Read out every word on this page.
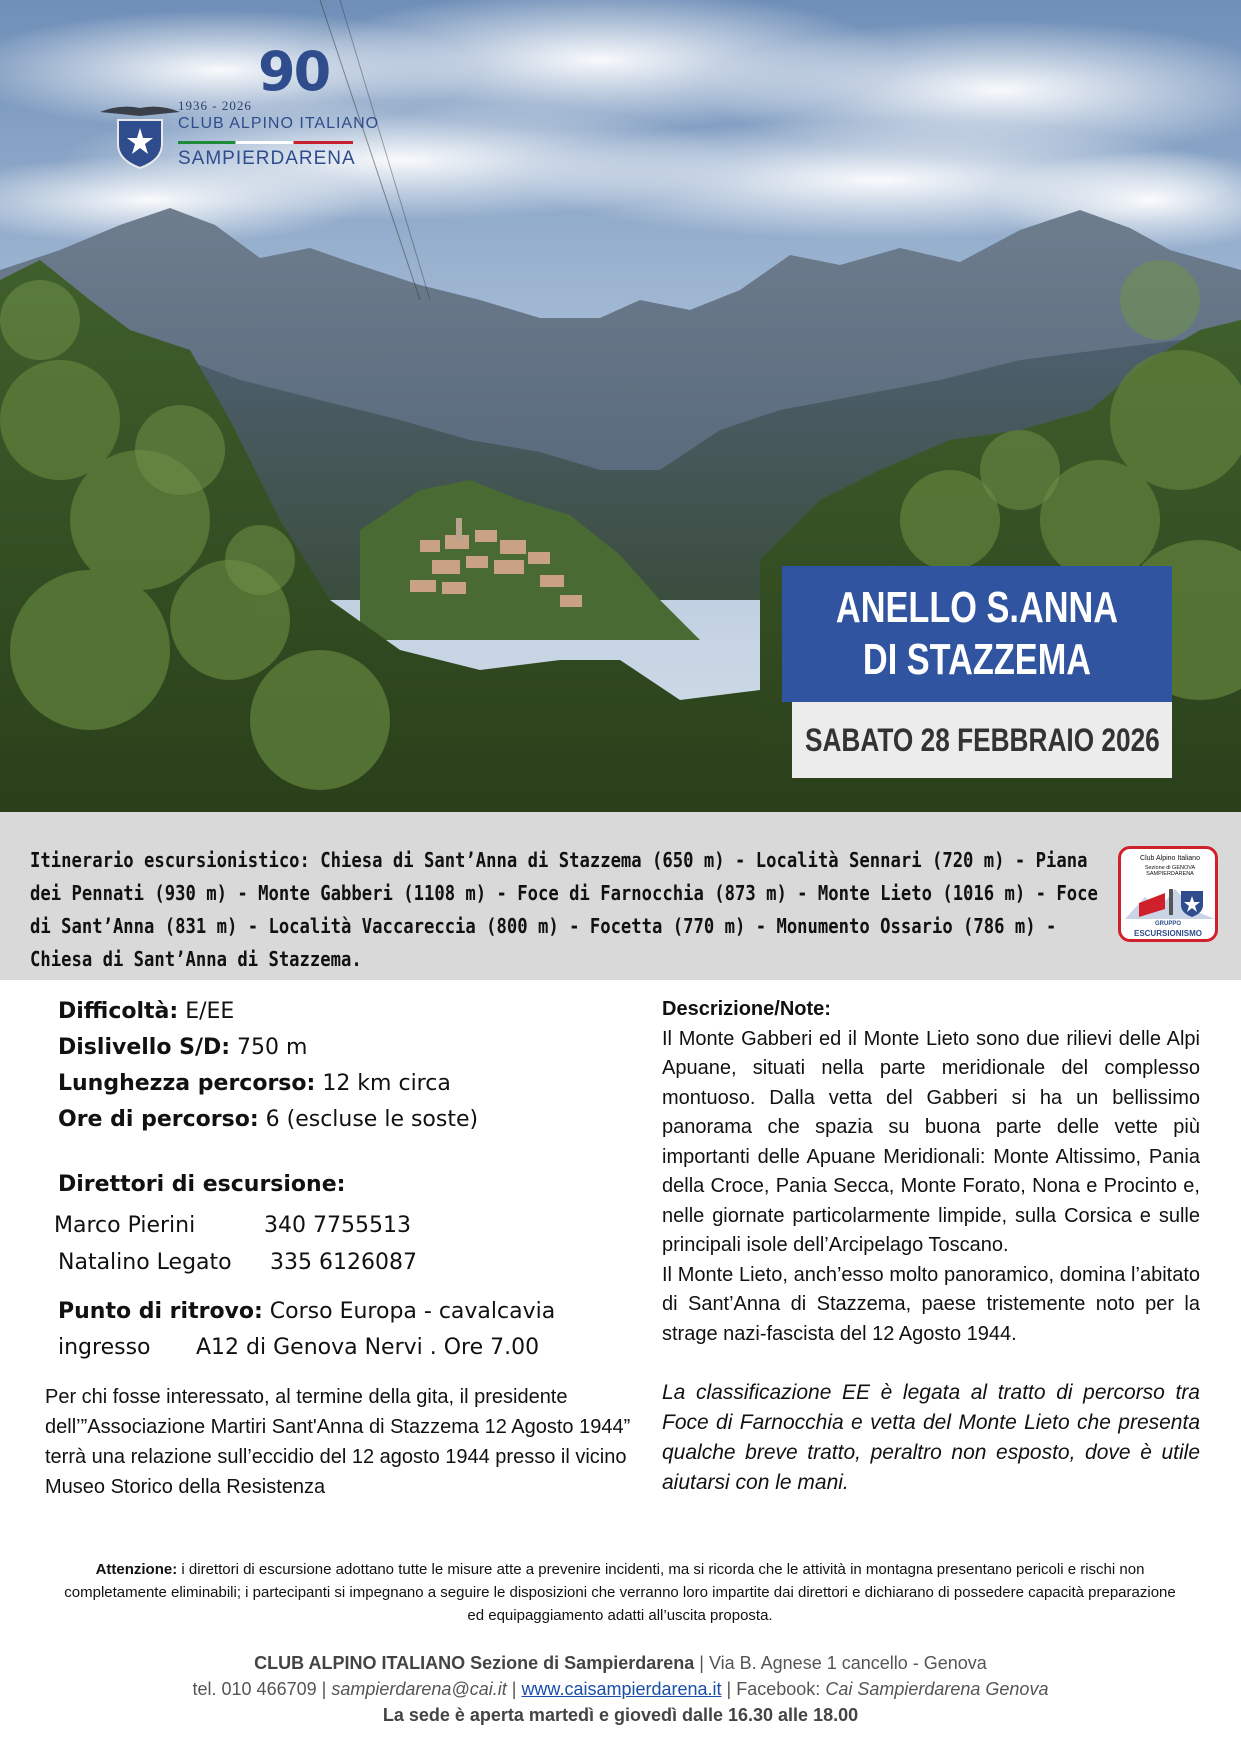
90
1936 - 2026
CLUB ALPINO ITALIANO
SAMPIERDARENA
ANELLO S.ANNA DI STAZZEMA
SABATO 28 FEBBRAIO 2026
Itinerario escursionistico: Chiesa di Sant’Anna di Stazzema (650 m) - Località Sennari (720 m) - Piana dei Pennati (930 m) - Monte Gabberi (1108 m) - Foce di Farnocchia (873 m) - Monte Lieto (1016 m) - Foce di Sant’Anna (831 m) - Località Vaccareccia (800 m) - Focetta (770 m) - Monumento Ossario (786 m) - Chiesa di Sant’Anna di Stazzema.
Club Alpino Italiano
Sezione di GENOVA SAMPIERDARENA
GRUPPO
ESCURSIONISMO
Difficoltà: E/EE
Dislivello S/D: 750 m
Lunghezza percorso: 12 km circa
Ore di percorso: 6 (escluse le soste)
Direttori di escursione:
Marco Pierini	340 7755513
Natalino Legato 335 6126087
Punto di ritrovo: Corso Europa - cavalcavia
ingresso A12 di Genova Nervi . Ore 7.00
Per chi fosse interessato, al termine della gita, il presidente dell’”Associazione Martiri Sant'Anna di Stazzema 12 Agosto 1944” terrà una relazione sull’eccidio del 12 agosto 1944 presso il vicino Museo Storico della Resistenza
Descrizione/Note:

Il Monte Gabberi ed il Monte Lieto sono due rilievi delle Alpi Apuane, situati nella parte meridionale del complesso montuoso. Dalla vetta del Gabberi si ha un bellissimo panorama che spazia su buona parte delle vette più importanti delle Apuane Meridionali: Monte Altissimo, Pania della Croce, Pania Secca, Monte Forato, Nona e Procinto e, nelle giornate particolarmente limpide, sulla Corsica e sulle principali isole dell’Arcipelago Toscano.

Il Monte Lieto, anch’esso molto panoramico, domina l’abitato di Sant’Anna di Stazzema, paese tristemente noto per la strage nazi-fascista del 12 Agosto 1944.

La classificazione EE è legata al tratto di percorso tra Foce di Farnocchia e vetta del Monte Lieto che presenta qualche breve tratto, peraltro non esposto, dove è utile aiutarsi con le mani.

Attenzione: i direttori di escursione adottano tutte le misure atte a prevenire incidenti, ma si ricorda che le attività in montagna presentano pericoli e rischi non completamente eliminabili; i partecipanti si impegnano a seguire le disposizioni che verranno loro impartite dai direttori e dichiarano di possedere capacità preparazione ed equipaggiamento adatti all’uscita proposta.
CLUB ALPINO ITALIANO Sezione di Sampierdarena | Via B. Agnese 1 cancello - Genova
tel. 010 466709 | sampierdarena@cai.it | www.caisampierdarena.it | Facebook: Cai Sampierdarena Genova
La sede è aperta martedì e giovedì dalle 16.30 alle 18.00
